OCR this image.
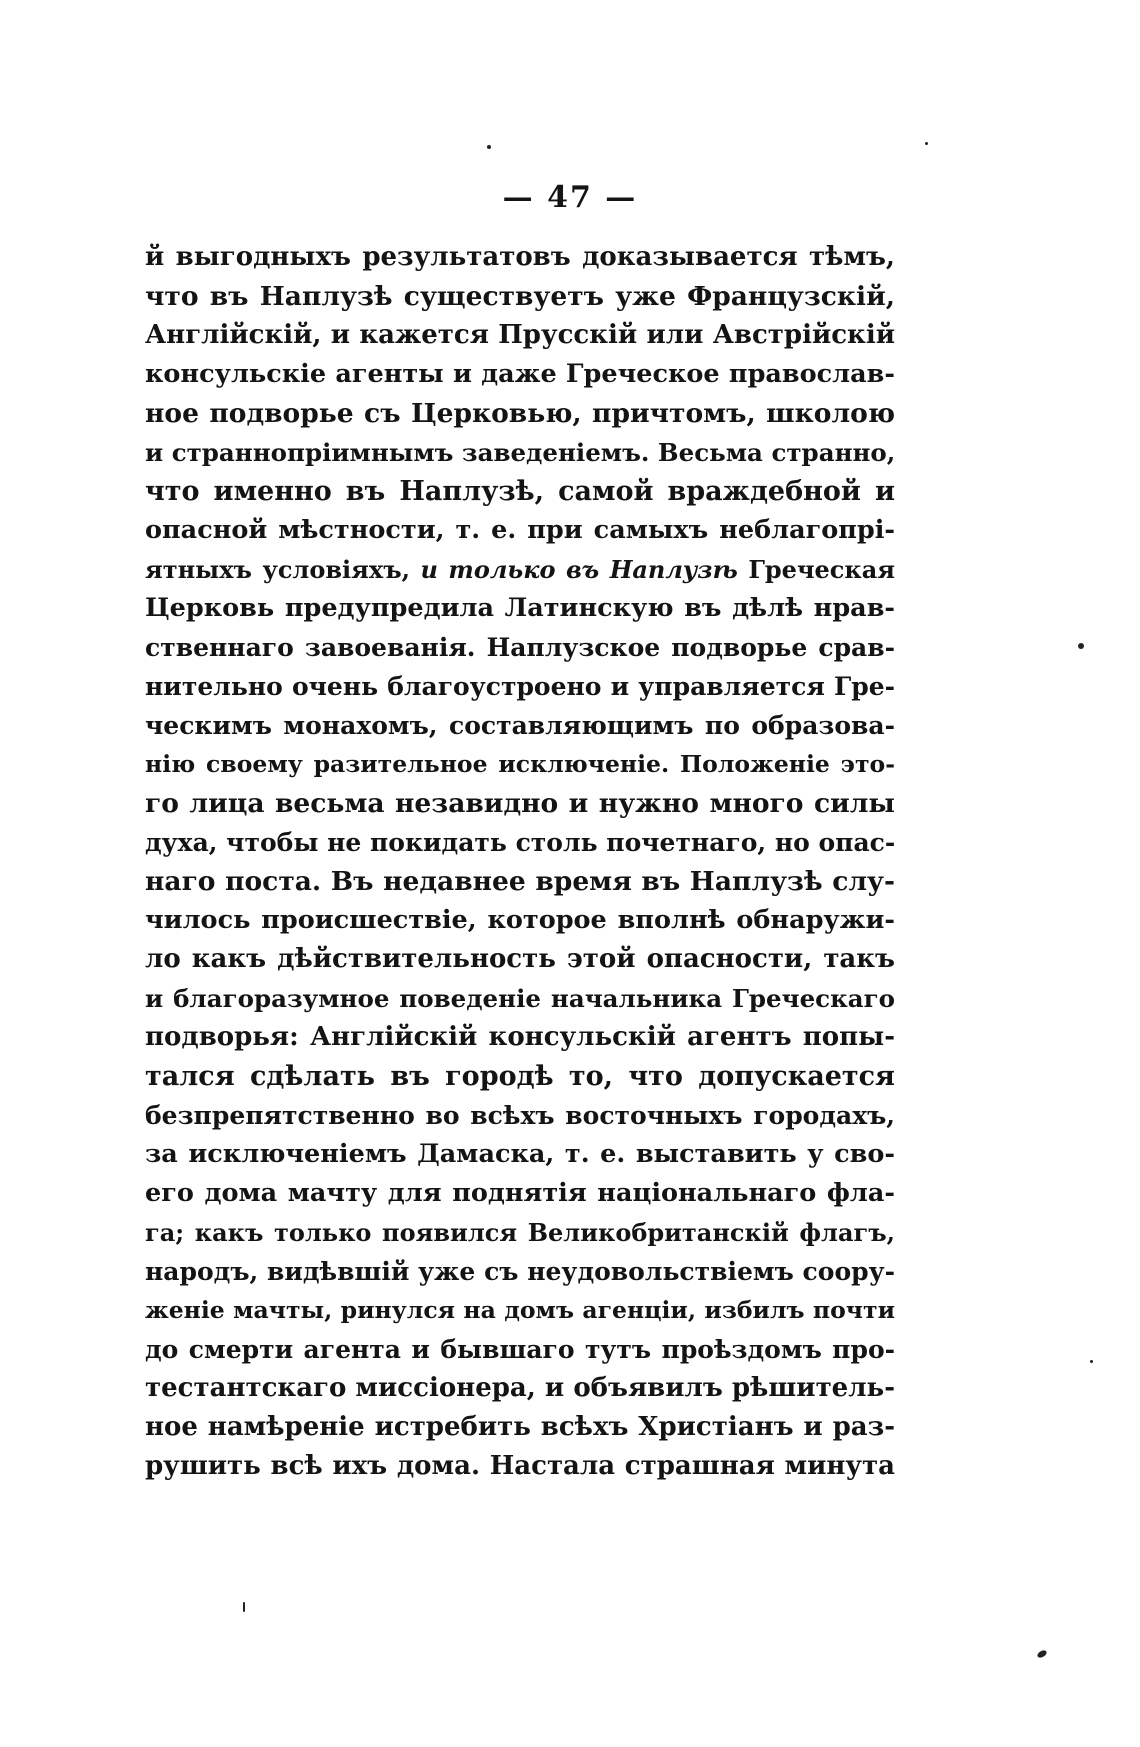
— 47 —
й выгодныхъ результатовъ доказывается тѣмъ,
что въ Наплузѣ существуетъ уже Французскій,
Англійскій, и кажется Прусскій или Австрійскій
консульскіе агенты и даже Греческое православ-
ное подворье съ Церковью, причтомъ, школою
и страннопріимнымъ заведеніемъ. Весьма странно,
что именно въ Наплузѣ, самой враждебной и
опасной мѣстности, т. е. при самыхъ неблагопрі-
ятныхъ условіяхъ, и только въ Наплузѣ Греческая
Церковь предупредила Латинскую въ дѣлѣ нрав-
ственнаго завоеванія. Наплузское подворье срав-
нительно очень благоустроено и управляется Гре-
ческимъ монахомъ, составляющимъ по образова-
нію своему разительное исключеніе. Положеніе это-
го лица весьма незавидно и нужно много силы
духа, чтобы не покидать столь почетнаго, но опас-
наго поста. Въ недавнее время въ Наплузѣ слу-
чилось происшествіе, которое вполнѣ обнаружи-
ло какъ дѣйствительность этой опасности, такъ
и благоразумное поведеніе начальника Греческаго
подворья: Англійскій консульскій агентъ попы-
тался сдѣлать въ городѣ то, что допускается
безпрепятственно во всѣхъ восточныхъ городахъ,
за исключеніемъ Дамаска, т. е. выставить у сво-
его дома мачту для поднятія національнаго флa-
га; какъ только появился Великобританскій флагъ,
народъ, видѣвшій уже съ неудовольствіемъ соору-
женіе мачты, ринулся на домъ агенціи, избилъ почти
до смерти агента и бывшаго тутъ проѣздомъ про-
тестантскаго миссіонера, и объявилъ рѣшитель-
ное намѣреніе истребить всѣхъ Христіанъ и раз-
рушить всѣ ихъ дома. Настала страшная минута
